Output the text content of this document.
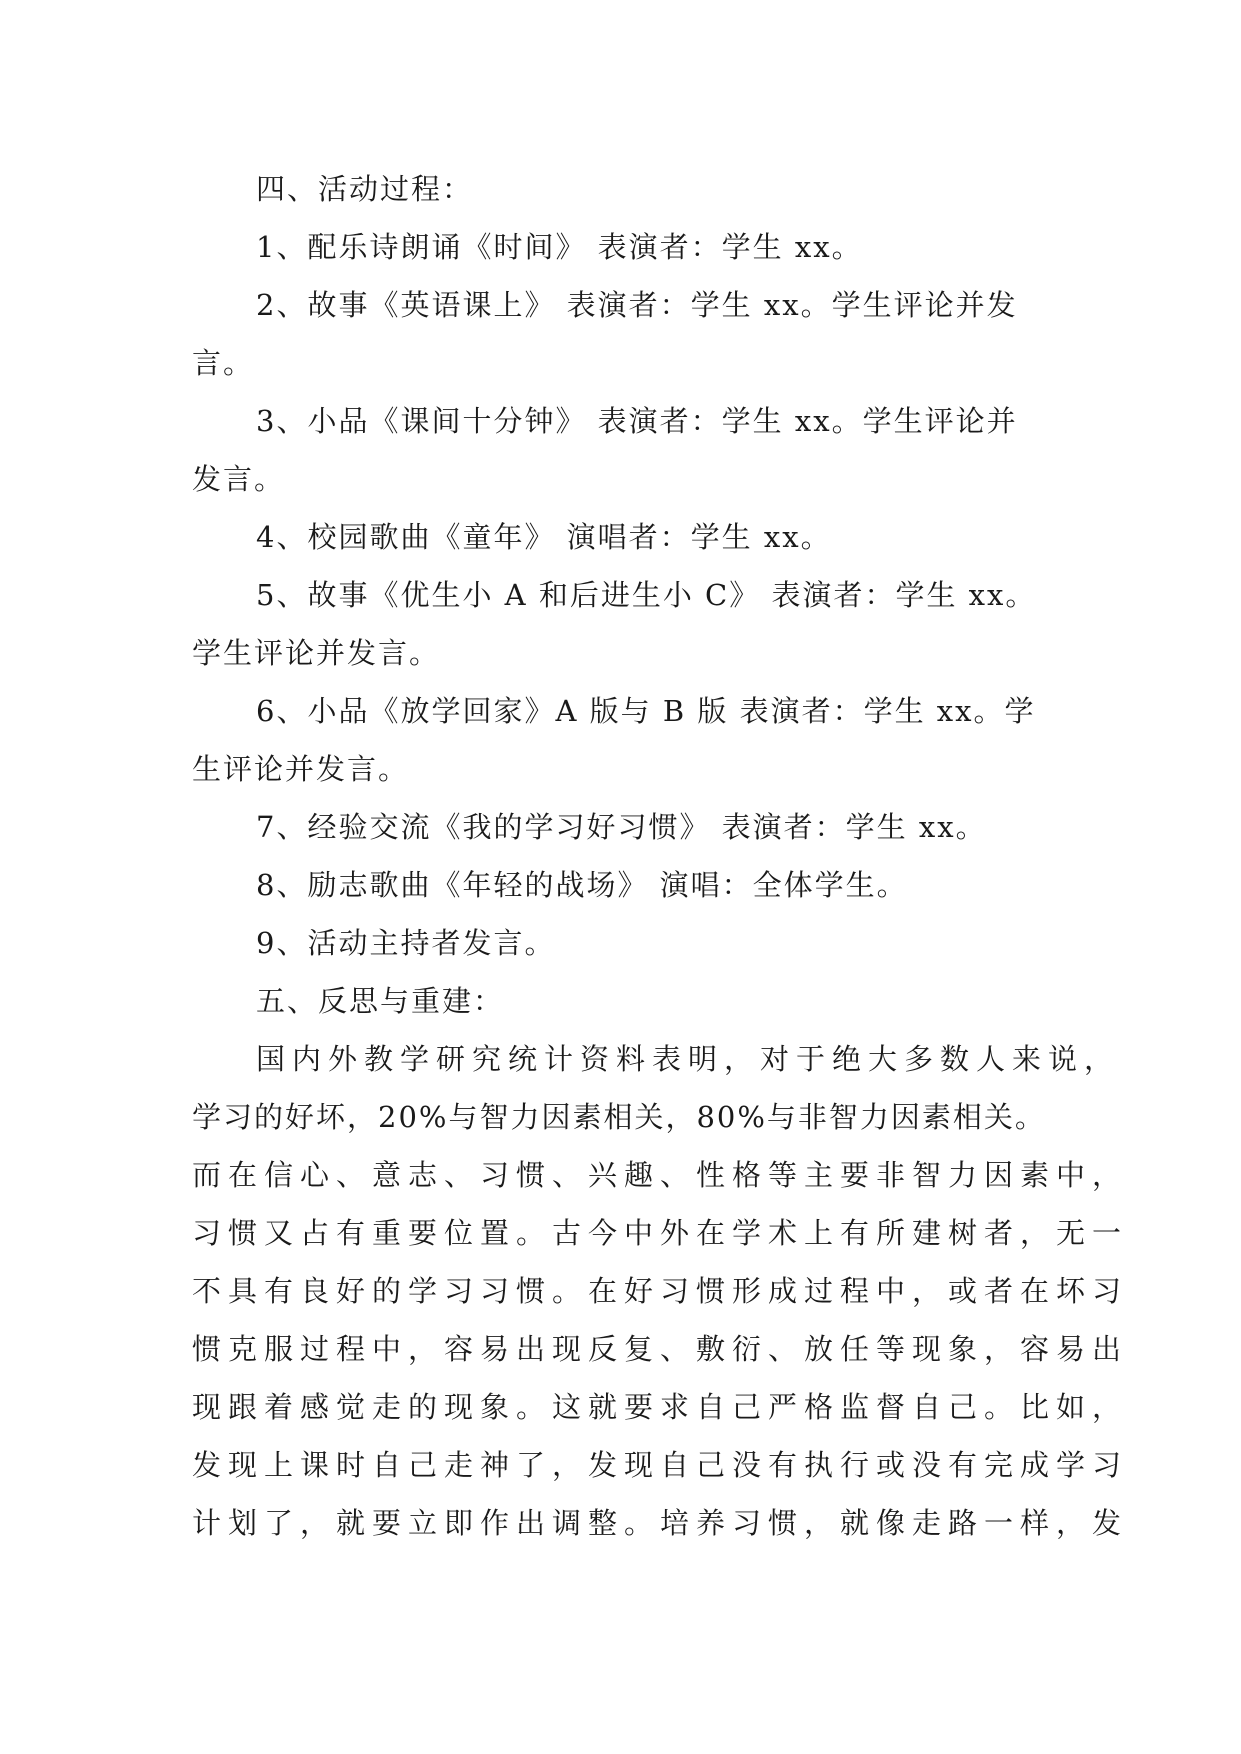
四、活动过程：
1、配乐诗朗诵《时间》 表演者：学生 xx。
2、故事《英语课上》 表演者：学生 xx。学生评论并发
言。
3、小品《课间十分钟》 表演者：学生 xx。学生评论并
发言。
4、校园歌曲《童年》 演唱者：学生 xx。
5、故事《优生小 A 和后进生小 C》 表演者：学生 xx。
学生评论并发言。
6、小品《放学回家》A 版与 B 版 表演者：学生 xx。学
生评论并发言。
7、经验交流《我的学习好习惯》 表演者：学生 xx。
8、励志歌曲《年轻的战场》 演唱：全体学生。
9、活动主持者发言。
五、反思与重建：
国内外教学研究统计资料表明，对于绝大多数人来说，
学习的好坏，20%与智力因素相关，80%与非智力因素相关。
而在信心、意志、习惯、兴趣、性格等主要非智力因素中，
习惯又占有重要位置。古今中外在学术上有所建树者，无一
不具有良好的学习习惯。在好习惯形成过程中，或者在坏习
惯克服过程中，容易出现反复、敷衍、放任等现象，容易出
现跟着感觉走的现象。这就要求自己严格监督自己。比如，
发现上课时自己走神了，发现自己没有执行或没有完成学习
计划了，就要立即作出调整。培养习惯，就像走路一样，发
